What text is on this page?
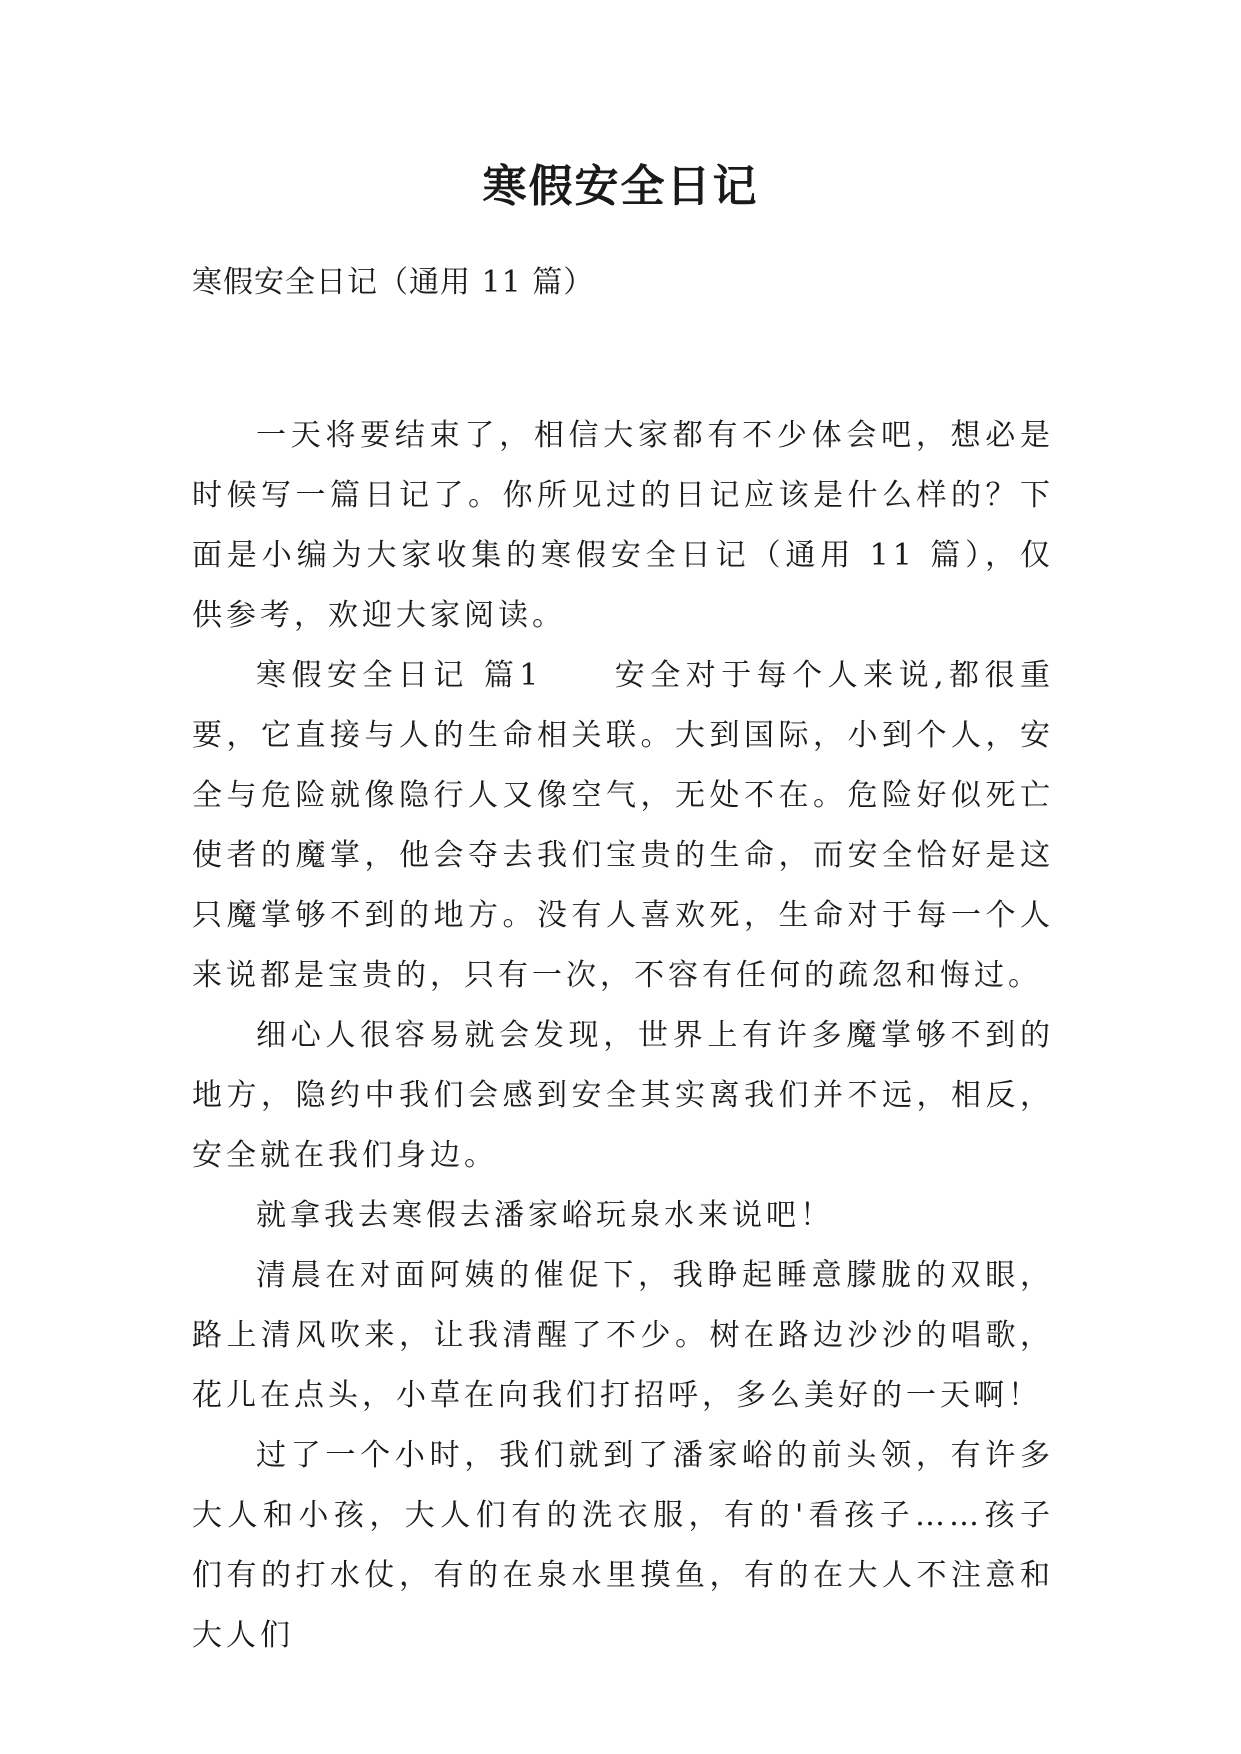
寒假安全日记

寒假安全日记（通用 11 篇）

一天将要结束了，相信大家都有不少体会吧，想必是时候写一篇日记了。你所见过的日记应该是什么样的？下面是小编为大家收集的寒假安全日记（通用 11 篇），仅供参考，欢迎大家阅读。

寒假安全日记 篇1　　安全对于每个人来说,都很重要，它直接与人的生命相关联。大到国际，小到个人，安全与危险就像隐行人又像空气，无处不在。危险好似死亡使者的魔掌，他会夺去我们宝贵的生命，而安全恰好是这只魔掌够不到的地方。没有人喜欢死，生命对于每一个人来说都是宝贵的，只有一次，不容有任何的疏忽和悔过。

细心人很容易就会发现，世界上有许多魔掌够不到的地方，隐约中我们会感到安全其实离我们并不远，相反，安全就在我们身边。

就拿我去寒假去潘家峪玩泉水来说吧！

清晨在对面阿姨的催促下，我睁起睡意朦胧的双眼，路上清风吹来，让我清醒了不少。树在路边沙沙的唱歌，花儿在点头，小草在向我们打招呼，多么美好的一天啊！

过了一个小时，我们就到了潘家峪的前头领，有许多大人和小孩，大人们有的洗衣服，有的'看孩子……孩子们有的打水仗，有的在泉水里摸鱼，有的在大人不注意和大人们
